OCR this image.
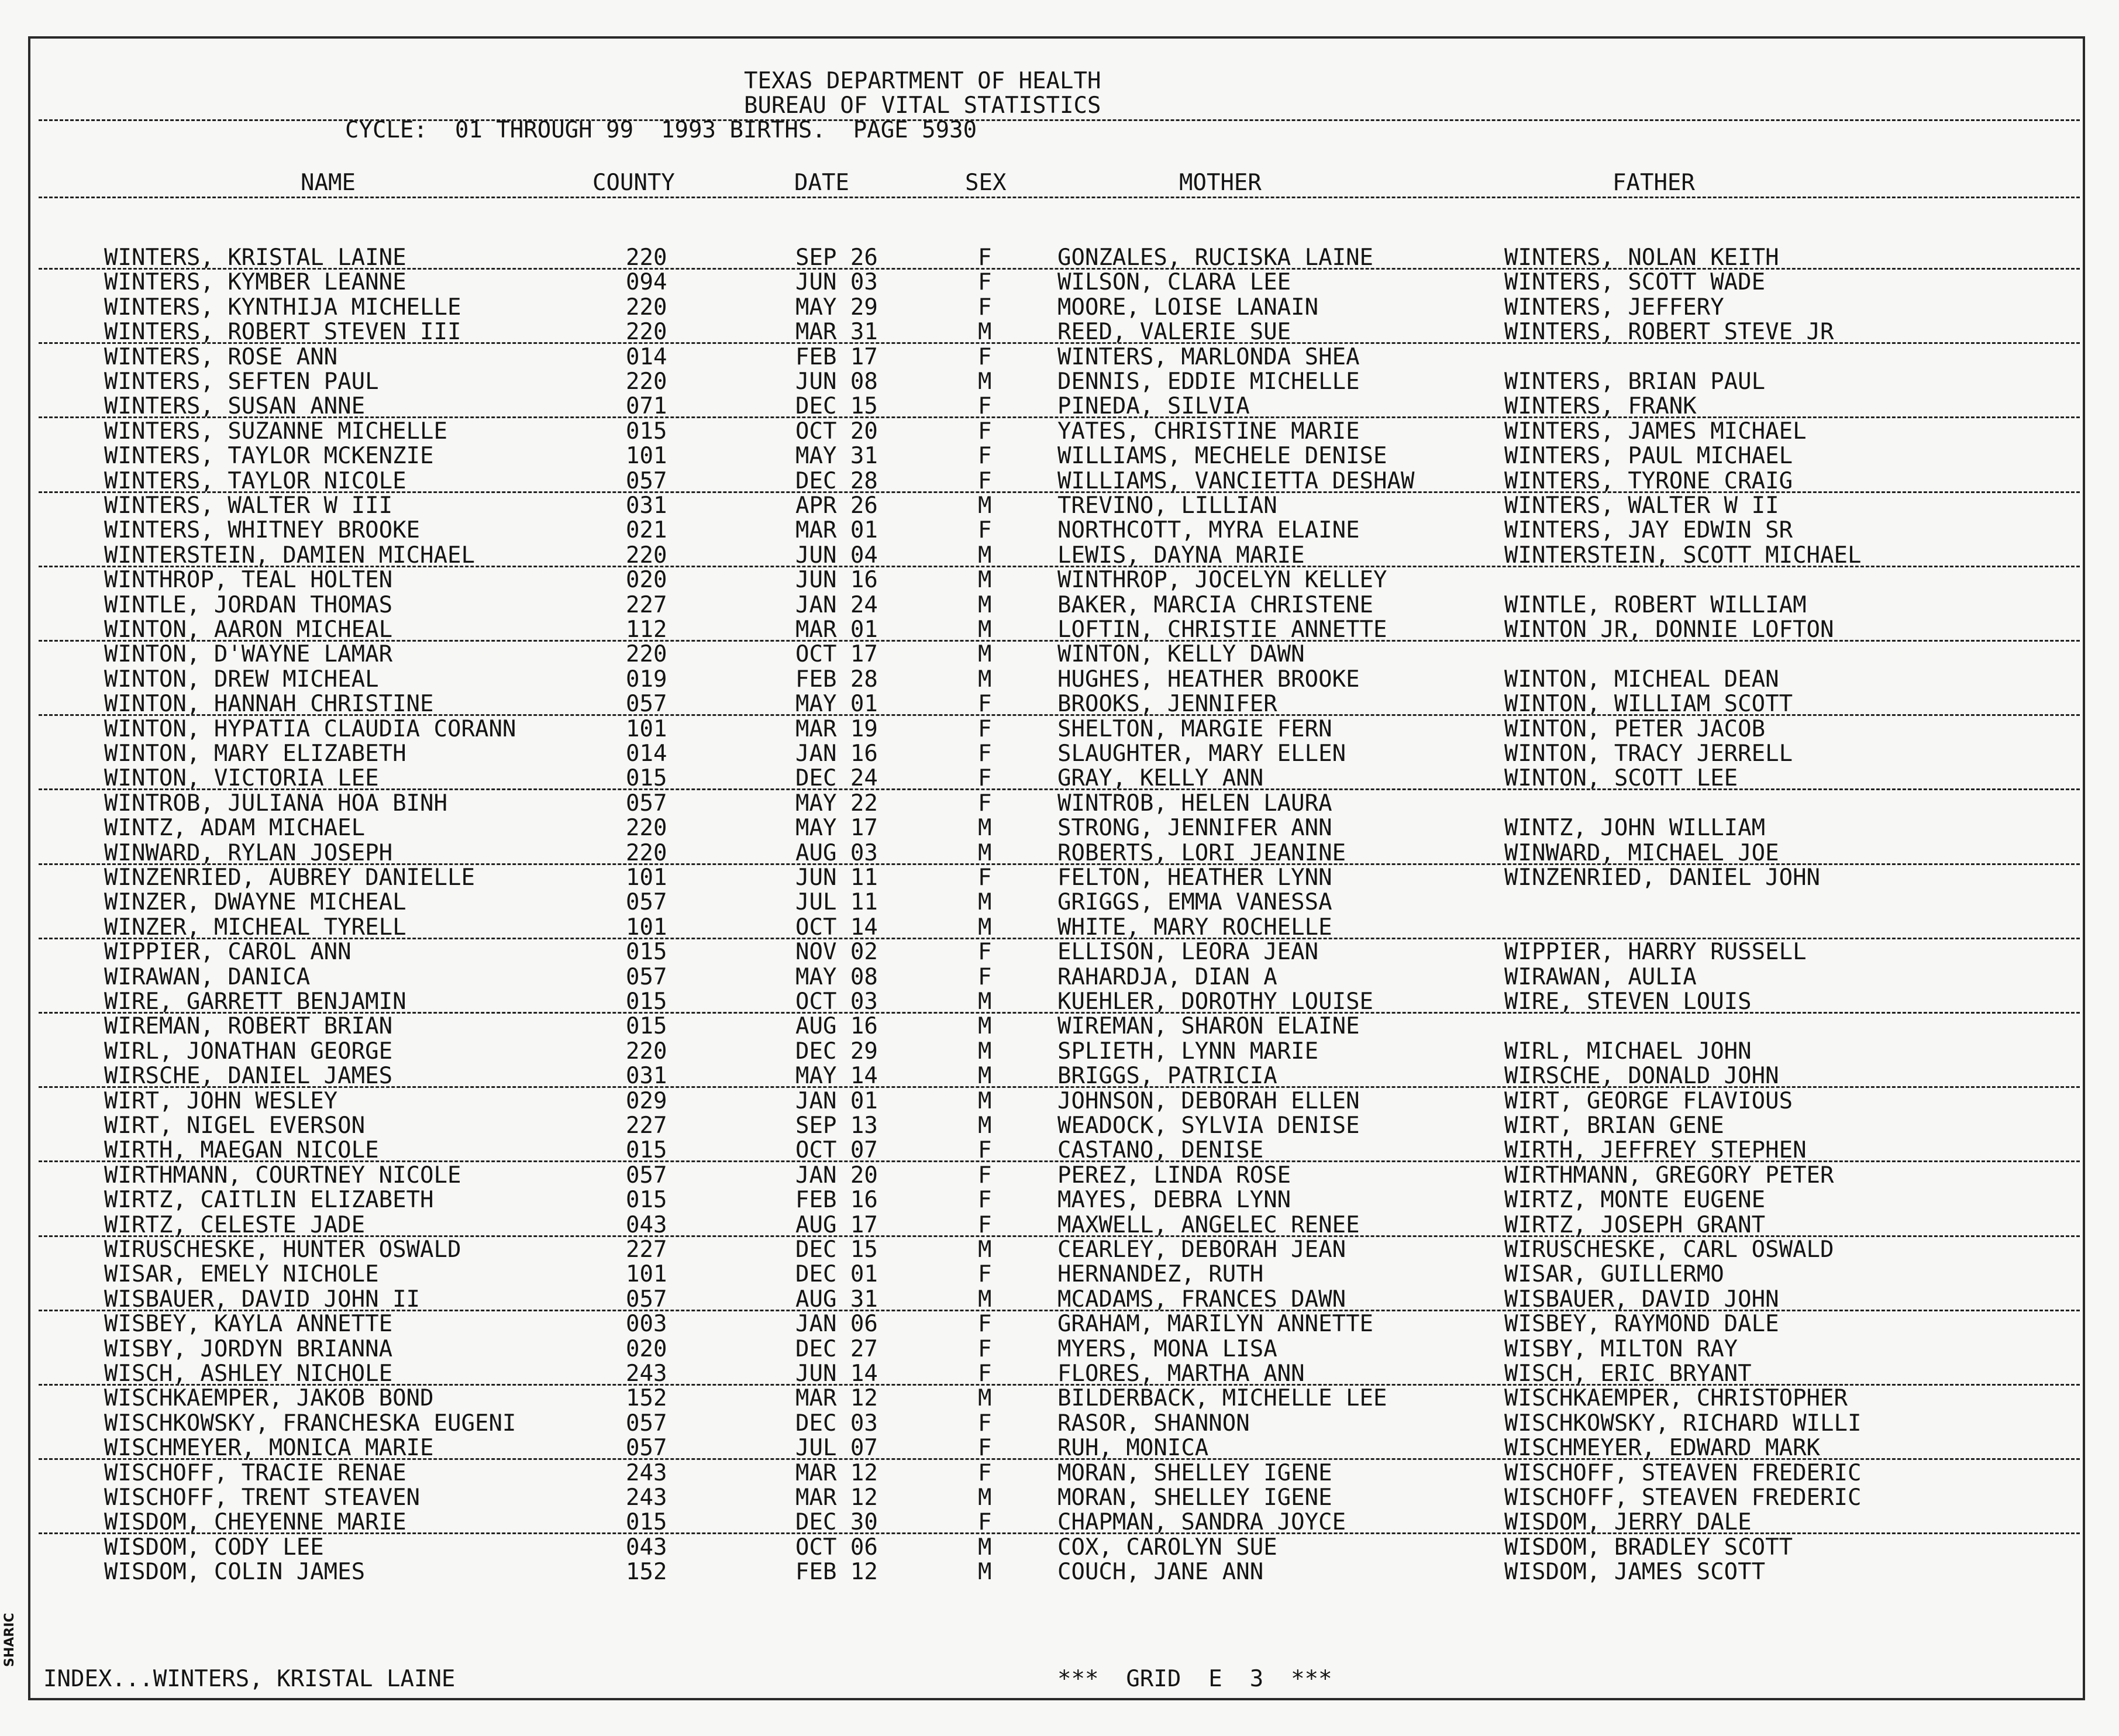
TEXAS DEPARTMENT OF HEALTH
BUREAU OF VITAL STATISTICS
CYCLE:  01 THROUGH 99  1993 BIRTHS.  PAGE 5930
NAME	COUNTY	DATE	SEX	MOTHER	FATHER
WINTERS, KRISTAL LAINE	220	SEP 26	F	GONZALES, RUCISKA LAINE	WINTERS, NOLAN KEITH
WINTERS, KYMBER LEANNE	094	JUN 03	F	WILSON, CLARA LEE	WINTERS, SCOTT WADE
WINTERS, KYNTHIJA MICHELLE	220	MAY 29	F	MOORE, LOISE LANAIN	WINTERS, JEFFERY
WINTERS, ROBERT STEVEN III	220	MAR 31	M	REED, VALERIE SUE	WINTERS, ROBERT STEVE JR
WINTERS, ROSE ANN	014	FEB 17	F	WINTERS, MARLONDA SHEA
WINTERS, SEFTEN PAUL	220	JUN 08	M	DENNIS, EDDIE MICHELLE	WINTERS, BRIAN PAUL
WINTERS, SUSAN ANNE	071	DEC 15	F	PINEDA, SILVIA	WINTERS, FRANK
WINTERS, SUZANNE MICHELLE	015	OCT 20	F	YATES, CHRISTINE MARIE	WINTERS, JAMES MICHAEL
WINTERS, TAYLOR MCKENZIE	101	MAY 31	F	WILLIAMS, MECHELE DENISE	WINTERS, PAUL MICHAEL
WINTERS, TAYLOR NICOLE	057	DEC 28	F	WILLIAMS, VANCIETTA DESHAW	WINTERS, TYRONE CRAIG
WINTERS, WALTER W III	031	APR 26	M	TREVINO, LILLIAN	WINTERS, WALTER W II
WINTERS, WHITNEY BROOKE	021	MAR 01	F	NORTHCOTT, MYRA ELAINE	WINTERS, JAY EDWIN SR
WINTERSTEIN, DAMIEN MICHAEL	220	JUN 04	M	LEWIS, DAYNA MARIE	WINTERSTEIN, SCOTT MICHAEL
WINTHROP, TEAL HOLTEN	020	JUN 16	M	WINTHROP, JOCELYN KELLEY
WINTLE, JORDAN THOMAS	227	JAN 24	M	BAKER, MARCIA CHRISTENE	WINTLE, ROBERT WILLIAM
WINTON, AARON MICHEAL	112	MAR 01	M	LOFTIN, CHRISTIE ANNETTE	WINTON JR, DONNIE LOFTON
WINTON, D'WAYNE LAMAR	220	OCT 17	M	WINTON, KELLY DAWN
WINTON, DREW MICHEAL	019	FEB 28	M	HUGHES, HEATHER BROOKE	WINTON, MICHEAL DEAN
WINTON, HANNAH CHRISTINE	057	MAY 01	F	BROOKS, JENNIFER	WINTON, WILLIAM SCOTT
WINTON, HYPATIA CLAUDIA CORANN	101	MAR 19	F	SHELTON, MARGIE FERN	WINTON, PETER JACOB
WINTON, MARY ELIZABETH	014	JAN 16	F	SLAUGHTER, MARY ELLEN	WINTON, TRACY JERRELL
WINTON, VICTORIA LEE	015	DEC 24	F	GRAY, KELLY ANN	WINTON, SCOTT LEE
WINTROB, JULIANA HOA BINH	057	MAY 22	F	WINTROB, HELEN LAURA
WINTZ, ADAM MICHAEL	220	MAY 17	M	STRONG, JENNIFER ANN	WINTZ, JOHN WILLIAM
WINWARD, RYLAN JOSEPH	220	AUG 03	M	ROBERTS, LORI JEANINE	WINWARD, MICHAEL JOE
WINZENRIED, AUBREY DANIELLE	101	JUN 11	F	FELTON, HEATHER LYNN	WINZENRIED, DANIEL JOHN
WINZER, DWAYNE MICHEAL	057	JUL 11	M	GRIGGS, EMMA VANESSA
WINZER, MICHEAL TYRELL	101	OCT 14	M	WHITE, MARY ROCHELLE
WIPPIER, CAROL ANN	015	NOV 02	F	ELLISON, LEORA JEAN	WIPPIER, HARRY RUSSELL
WIRAWAN, DANICA	057	MAY 08	F	RAHARDJA, DIAN A	WIRAWAN, AULIA
WIRE, GARRETT BENJAMIN	015	OCT 03	M	KUEHLER, DOROTHY LOUISE	WIRE, STEVEN LOUIS
WIREMAN, ROBERT BRIAN	015	AUG 16	M	WIREMAN, SHARON ELAINE
WIRL, JONATHAN GEORGE	220	DEC 29	M	SPLIETH, LYNN MARIE	WIRL, MICHAEL JOHN
WIRSCHE, DANIEL JAMES	031	MAY 14	M	BRIGGS, PATRICIA	WIRSCHE, DONALD JOHN
WIRT, JOHN WESLEY	029	JAN 01	M	JOHNSON, DEBORAH ELLEN	WIRT, GEORGE FLAVIOUS
WIRT, NIGEL EVERSON	227	SEP 13	M	WEADOCK, SYLVIA DENISE	WIRT, BRIAN GENE
WIRTH, MAEGAN NICOLE	015	OCT 07	F	CASTANO, DENISE	WIRTH, JEFFREY STEPHEN
WIRTHMANN, COURTNEY NICOLE	057	JAN 20	F	PEREZ, LINDA ROSE	WIRTHMANN, GREGORY PETER
WIRTZ, CAITLIN ELIZABETH	015	FEB 16	F	MAYES, DEBRA LYNN	WIRTZ, MONTE EUGENE
WIRTZ, CELESTE JADE	043	AUG 17	F	MAXWELL, ANGELEC RENEE	WIRTZ, JOSEPH GRANT
WIRUSCHESKE, HUNTER OSWALD	227	DEC 15	M	CEARLEY, DEBORAH JEAN	WIRUSCHESKE, CARL OSWALD
WISAR, EMELY NICHOLE	101	DEC 01	F	HERNANDEZ, RUTH	WISAR, GUILLERMO
WISBAUER, DAVID JOHN II	057	AUG 31	M	MCADAMS, FRANCES DAWN	WISBAUER, DAVID JOHN
WISBEY, KAYLA ANNETTE	003	JAN 06	F	GRAHAM, MARILYN ANNETTE	WISBEY, RAYMOND DALE
WISBY, JORDYN BRIANNA	020	DEC 27	F	MYERS, MONA LISA	WISBY, MILTON RAY
WISCH, ASHLEY NICHOLE	243	JUN 14	F	FLORES, MARTHA ANN	WISCH, ERIC BRYANT
WISCHKAEMPER, JAKOB BOND	152	MAR 12	M	BILDERBACK, MICHELLE LEE	WISCHKAEMPER, CHRISTOPHER
WISCHKOWSKY, FRANCHESKA EUGENI	057	DEC 03	F	RASOR, SHANNON	WISCHKOWSKY, RICHARD WILLI
WISCHMEYER, MONICA MARIE	057	JUL 07	F	RUH, MONICA	WISCHMEYER, EDWARD MARK
WISCHOFF, TRACIE RENAE	243	MAR 12	F	MORAN, SHELLEY IGENE	WISCHOFF, STEAVEN FREDERIC
WISCHOFF, TRENT STEAVEN	243	MAR 12	M	MORAN, SHELLEY IGENE	WISCHOFF, STEAVEN FREDERIC
WISDOM, CHEYENNE MARIE	015	DEC 30	F	CHAPMAN, SANDRA JOYCE	WISDOM, JERRY DALE
WISDOM, CODY LEE	043	OCT 06	M	COX, CAROLYN SUE	WISDOM, BRADLEY SCOTT
WISDOM, COLIN JAMES	152	FEB 12	M	COUCH, JANE ANN	WISDOM, JAMES SCOTT
INDEX...WINTERS, KRISTAL LAINE	***  GRID  E  3  ***
SHARIC
